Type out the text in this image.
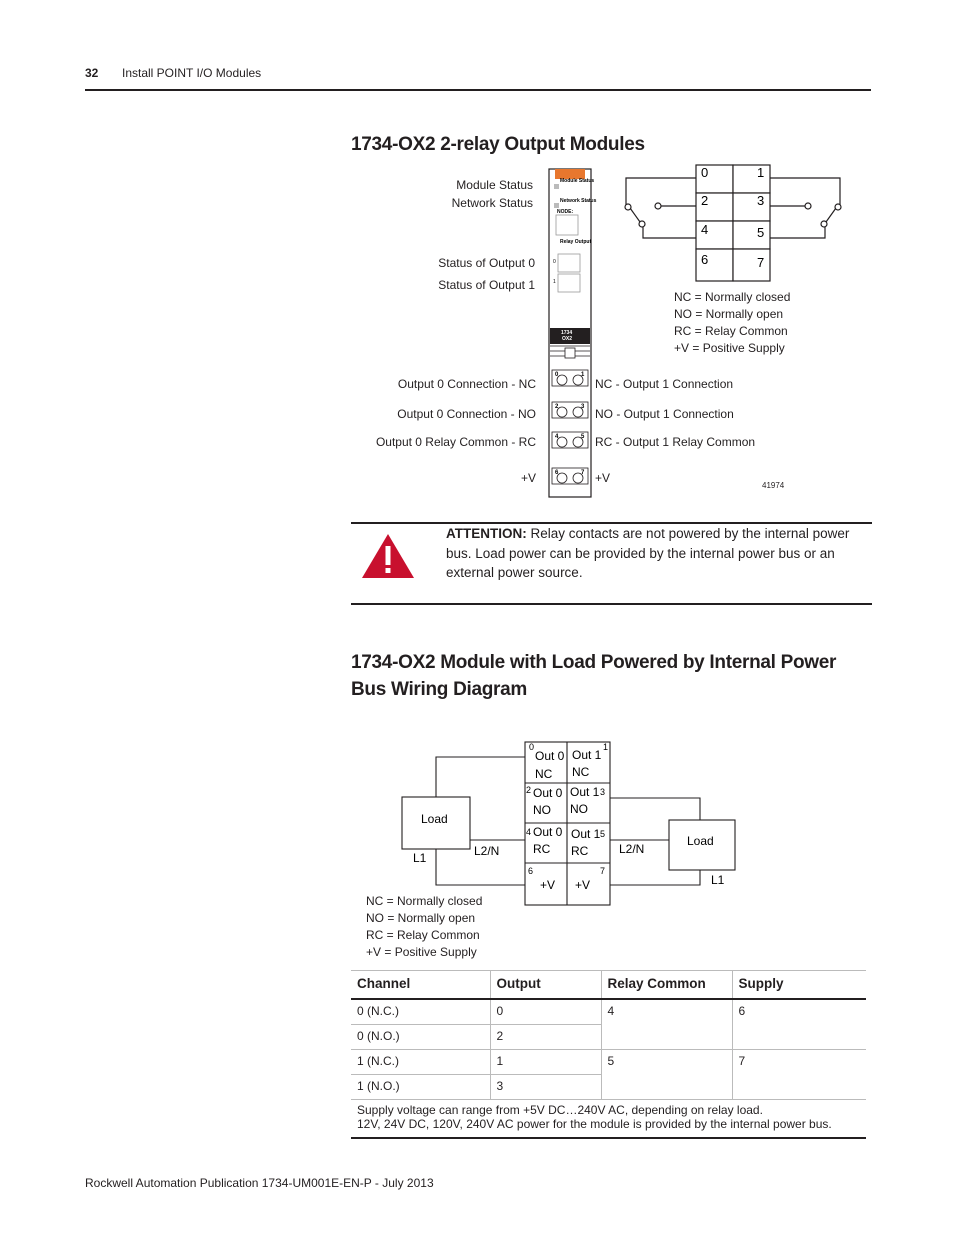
32 Install POINT I/O Modules
1734-OX2 2-relay Output Modules
Module Status
Network Status
Status of Output 0
Status of Output 1
Output 0 Connection - NC
Output 0 Connection - NO
Output 0 Relay Common - RC
+V
NC - Output 1 Connection
NO - Output 1 Connection
RC - Output 1 Relay Common
+V
NC = Normally closed
NO = Normally open
RC = Relay Common
+V = Positive Supply
Module Status
Network Status
NODE:
Relay Output
0
1
1734
OX2
0	1
2	3
4	5
6	7
0	1
2	3
4	5
6	7
41974
ATTENTION: Relay contacts are not powered by the internal power bus. Load power can be provided by the internal power bus or an external power source.
1734-OX2 Module with Load Powered by Internal Power Bus Wiring Diagram
0	1
2	3
4	5
6	7
Out 0
NC
Out 1
NC
Out 0
NO
Out 1
NO
Out 0
RC
Out 1
RC
+V +V
Load
Load
L1	L2/N	L2/N
L1
NC = Normally closed
NO = Normally open
RC = Relay Common
+V = Positive Supply
Channel	Output	Relay Common	Supply
0 (N.C.)	0	4	6
0 (N.O.)	2		
1 (N.C.)	1	5	7
1 (N.O.)	3		

Supply voltage can range from +5V DC…240V AC, depending on relay load.
12V, 24V DC, 120V, 240V AC power for the module is provided by the internal power bus.			
Rockwell Automation Publication 1734-UM001E-EN-P - July 2013
